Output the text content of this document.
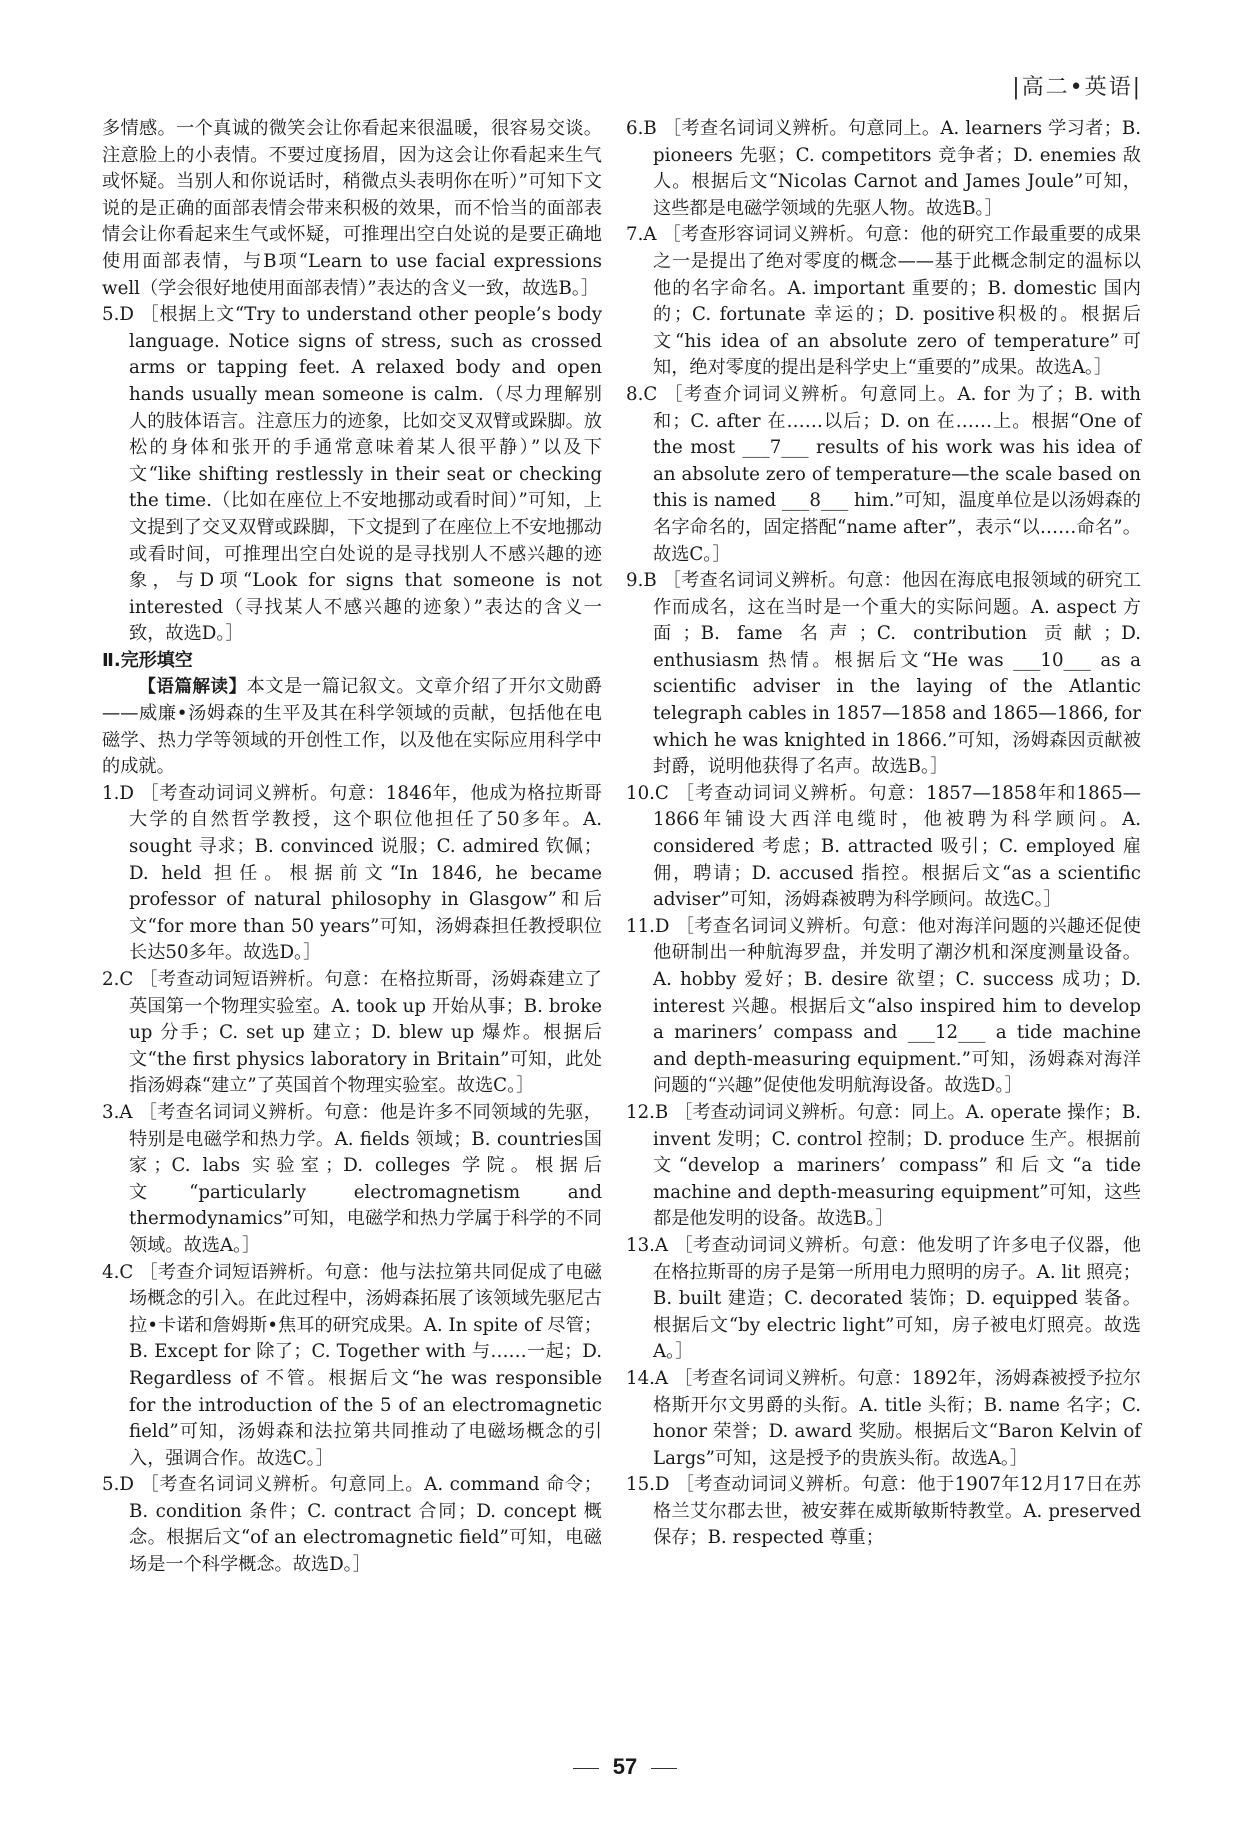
|高二•英语|

多情感。一个真诚的微笑会让你看起来很温暖，很容易交谈。注意脸上的小表情。不要过度扬眉，因为这会让你看起来生气或怀疑。当别人和你说话时，稍微点头表明你在听）”可知下文说的是正确的面部表情会带来积极的效果，而不恰当的面部表情会让你看起来生气或怀疑，可推理出空白处说的是要正确地使用面部表情，与B项“Learn to use facial expressions well（学会很好地使用面部表情）”表达的含义一致，故选B。］

5.D ［根据上文“Try to understand other people’s body language. Notice signs of stress, such as crossed arms or tapping feet. A relaxed body and open hands usually mean someone is calm.（尽力理解别人的肢体语言。注意压力的迹象，比如交叉双臂或跺脚。放松的身体和张开的手通常意味着某人很平静）”以及下文“like shifting restlessly in their seat or checking the time.（比如在座位上不安地挪动或看时间）”可知，上文提到了交叉双臂或跺脚，下文提到了在座位上不安地挪动或看时间，可推理出空白处说的是寻找别人不感兴趣的迹象，与D项“Look for signs that someone is not interested（寻找某人不感兴趣的迹象）”表达的含义一致，故选D。］

Ⅱ.完形填空

【语篇解读】本文是一篇记叙文。文章介绍了开尔文勋爵——威廉•汤姆森的生平及其在科学领域的贡献，包括他在电磁学、热力学等领域的开创性工作，以及他在实际应用科学中的成就。

1.D ［考查动词词义辨析。句意：1846年，他成为格拉斯哥大学的自然哲学教授，这个职位他担任了50多年。A. sought 寻求；B. convinced 说服；C. admired 钦佩；D. held 担任。根据前文“In 1846, he became professor of natural philosophy in Glasgow”和后文“for more than 50 years”可知，汤姆森担任教授职位长达50多年。故选D。］

2.C ［考查动词短语辨析。句意：在格拉斯哥，汤姆森建立了英国第一个物理实验室。A. took up 开始从事；B. broke up 分手；C. set up 建立；D. blew up 爆炸。根据后文“the first physics laboratory in Britain”可知，此处指汤姆森“建立”了英国首个物理实验室。故选C。］

3.A ［考查名词词义辨析。句意：他是许多不同领域的先驱，特别是电磁学和热力学。A. fields 领域；B. countries国家；C. labs 实验室；D. colleges 学院。根据后文“particularly electromagnetism and thermodynamics”可知，电磁学和热力学属于科学的不同领域。故选A。］

4.C ［考查介词短语辨析。句意：他与法拉第共同促成了电磁场概念的引入。在此过程中，汤姆森拓展了该领域先驱尼古拉•卡诺和詹姆斯•焦耳的研究成果。A. In spite of 尽管；B. Except for 除了；C. Together with 与……一起；D. Regardless of 不管。根据后文“he was responsible for the introduction of the 5 of an electromagnetic field”可知，汤姆森和法拉第共同推动了电磁场概念的引入，强调合作。故选C。］

5.D ［考查名词词义辨析。句意同上。A. command 命令；B. condition 条件；C. contract 合同；D. concept 概念。根据后文“of an electromagnetic field”可知，电磁场是一个科学概念。故选D。］

6.B ［考查名词词义辨析。句意同上。A. learners 学习者；B. pioneers 先驱；C. competitors 竞争者；D. enemies 敌人。根据后文“Nicolas Carnot and James Joule”可知，这些都是电磁学领域的先驱人物。故选B。］

7.A ［考查形容词词义辨析。句意：他的研究工作最重要的成果之一是提出了绝对零度的概念——基于此概念制定的温标以他的名字命名。A. important 重要的；B. domestic 国内的；C. fortunate 幸运的；D. positive积极的。根据后文“his idea of an absolute zero of temperature”可知，绝对零度的提出是科学史上“重要的”成果。故选A。］

8.C ［考查介词词义辨析。句意同上。A. for 为了；B. with 和；C. after 在……以后；D. on 在……上。根据“One of the most ___7___ results of his work was his idea of an absolute zero of temperature—the scale based on this is named ___8___ him.”可知，温度单位是以汤姆森的名字命名的，固定搭配“name after”，表示“以……命名”。故选C。］

9.B ［考查名词词义辨析。句意：他因在海底电报领域的研究工作而成名，这在当时是一个重大的实际问题。A. aspect 方面；B. fame 名声；C. contribution 贡献；D. enthusiasm 热情。根据后文“He was ___10___ as a scientific adviser in the laying of the Atlantic telegraph cables in 1857—1858 and 1865—1866, for which he was knighted in 1866.”可知，汤姆森因贡献被封爵，说明他获得了名声。故选B。］

10.C ［考查动词词义辨析。句意：1857—1858年和1865—1866年铺设大西洋电缆时，他被聘为科学顾问。A. considered 考虑；B. attracted 吸引；C. employed 雇佣，聘请；D. accused 指控。根据后文“as a scientific adviser”可知，汤姆森被聘为科学顾问。故选C。］

11.D ［考查名词词义辨析。句意：他对海洋问题的兴趣还促使他研制出一种航海罗盘，并发明了潮汐机和深度测量设备。A. hobby 爱好；B. desire 欲望；C. success 成功；D. interest 兴趣。根据后文“also inspired him to develop a mariners’ compass and ___12___ a tide machine and depth-measuring equipment.”可知，汤姆森对海洋问题的“兴趣”促使他发明航海设备。故选D。］

12.B ［考查动词词义辨析。句意：同上。A. operate 操作；B. invent 发明；C. control 控制；D. produce 生产。根据前文“develop a mariners’ compass”和后文“a tide machine and depth-measuring equipment”可知，这些都是他发明的设备。故选B。］

13.A ［考查动词词义辨析。句意：他发明了许多电子仪器，他在格拉斯哥的房子是第一所用电力照明的房子。A. lit 照亮；B. built 建造；C. decorated 装饰；D. equipped 装备。根据后文“by electric light”可知，房子被电灯照亮。故选A。］

14.A ［考查名词词义辨析。句意：1892年，汤姆森被授予拉尔格斯开尔文男爵的头衔。A. title 头衔；B. name 名字；C. honor 荣誉；D. award 奖励。根据后文“Baron Kelvin of Largs”可知，这是授予的贵族头衔。故选A。］

15.D ［考查动词词义辨析。句意：他于1907年12月17日在苏格兰艾尔郡去世，被安葬在威斯敏斯特教堂。A. preserved 保存；B. respected 尊重；

57
